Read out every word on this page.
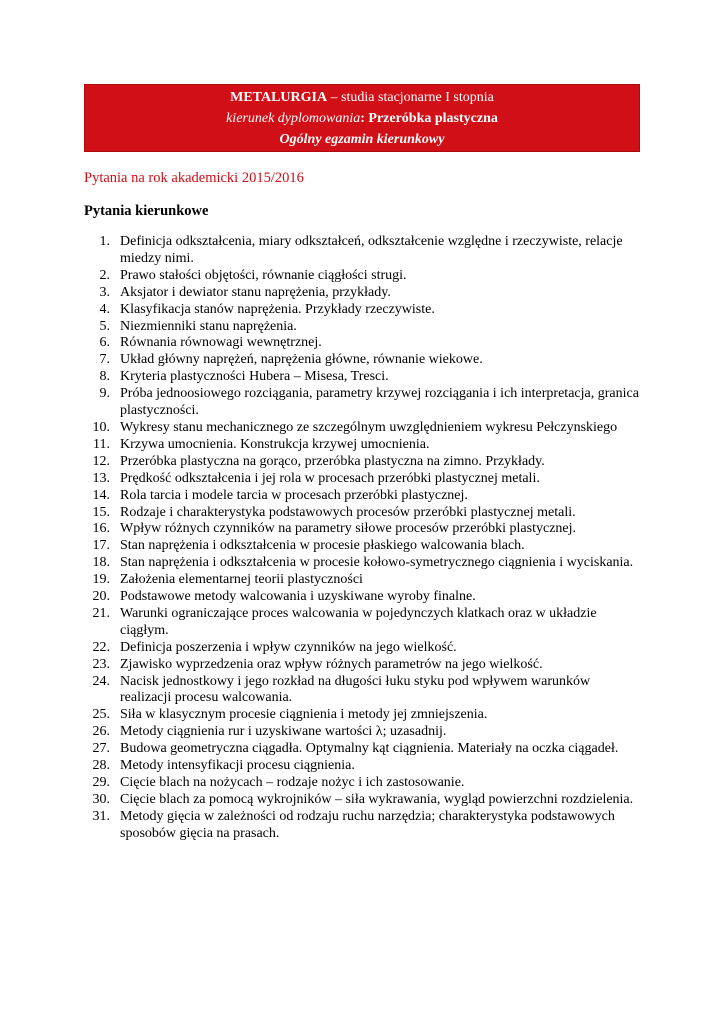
METALURGIA – studia stacjonarne I stopnia
kierunek dyplomowania: Przeróbka plastyczna
Ogólny egzamin kierunkowy
Pytania na rok akademicki 2015/2016
Pytania kierunkowe
1. Definicja odkształcenia, miary odkształceń, odkształcenie względne i rzeczywiste, relacje miedzy nimi.
2. Prawo stałości objętości, równanie ciągłości strugi.
3. Aksjator i dewiator stanu naprężenia, przykłady.
4. Klasyfikacja stanów naprężenia. Przykłady rzeczywiste.
5. Niezmienniki stanu naprężenia.
6. Równania równowagi wewnętrznej.
7. Układ główny naprężeń, naprężenia główne, równanie wiekowe.
8. Kryteria plastyczności Hubera – Misesa, Tresci.
9. Próba jednoosiowego rozciągania, parametry krzywej rozciągania i ich interpretacja, granica plastyczności.
10. Wykresy stanu mechanicznego ze szczególnym uwzględnieniem wykresu Pełczynskiego
11. Krzywa umocnienia. Konstrukcja krzywej umocnienia.
12. Przeróbka plastyczna na gorąco, przeróbka plastyczna na zimno. Przykłady.
13. Prędkość odkształcenia i jej rola w procesach przeróbki plastycznej metali.
14. Rola tarcia i modele tarcia w procesach przeróbki plastycznej.
15. Rodzaje i charakterystyka podstawowych procesów przeróbki plastycznej metali.
16. Wpływ różnych czynników na parametry siłowe procesów przeróbki plastycznej.
17. Stan naprężenia i odkształcenia w procesie płaskiego walcowania blach.
18. Stan naprężenia i odkształcenia w procesie kołowo-symetrycznego ciągnienia i wyciskania.
19. Założenia elementarnej teorii plastyczności
20. Podstawowe metody walcowania i uzyskiwane wyroby finalne.
21. Warunki ograniczające proces walcowania w pojedynczych klatkach oraz w układzie ciągłym.
22. Definicja poszerzenia i wpływ czynników na jego wielkość.
23. Zjawisko wyprzedzenia oraz wpływ różnych parametrów na jego wielkość.
24. Nacisk jednostkowy i jego rozkład na długości łuku styku pod wpływem warunków realizacji procesu walcowania.
25. Siła w klasycznym procesie ciągnienia i metody jej zmniejszenia.
26. Metody ciągnienia rur i uzyskiwane wartości λ; uzasadnij.
27. Budowa geometryczna ciągadła. Optymalny kąt ciągnienia. Materiały na oczka ciągadeł.
28. Metody intensyfikacji procesu ciągnienia.
29. Cięcie blach na nożycach – rodzaje nożyc i ich zastosowanie.
30. Cięcie blach za pomocą wykrojników – siła wykrawania, wygląd powierzchni rozdzielenia.
31. Metody gięcia w zależności od rodzaju ruchu narzędzia; charakterystyka podstawowych sposobów gięcia na prasach.
